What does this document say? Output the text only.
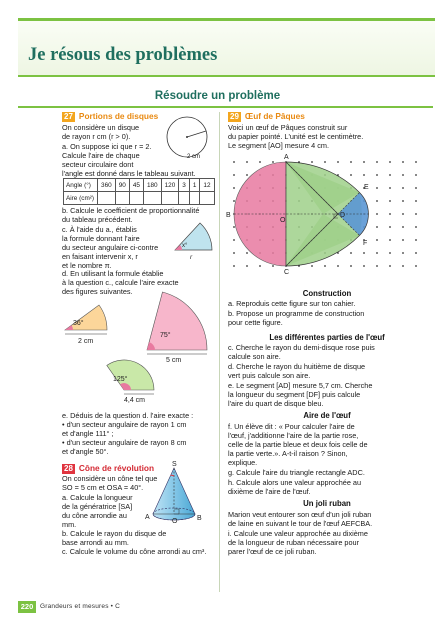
Je résous des problèmes
Résoudre un problème
27 Portions de disques
On considère un disque
de rayon r cm (r > 0).
a. On suppose ici que r = 2.
Calcule l'aire de chaque
secteur circulaire dont
l'angle est donné dans le tableau suivant.
2 cm
Angle (°)	360	90	45	180	120	3	1	12
Aire (cm²)								
b. Calcule le coefficient de proportionnalité
du tableau précédent.
c. À l'aide du a., établis
la formule donnant l'aire
du secteur angulaire ci-contre
en faisant intervenir x, r
et le nombre π.
x°
r
d. En utilisant la formule établie
à la question c., calcule l'aire exacte
des figures suivantes.
36°
2 cm
75°
5 cm
125°
4,4 cm
e. Déduis de la question d. l'aire exacte :
• d'un secteur angulaire de rayon 1 cm
et d'angle 111° ;
• d'un secteur angulaire de rayon 8 cm
et d'angle 50°.
28 Cône de révolution
On considère un cône tel que
SO = 5 cm et OSA = 40°.
a. Calcule la longueur
de la génératrice [SA]
du cône arrondie au
mm.
b. Calcule le rayon du disque de
base arrondi au mm.
c. Calcule le volume du cône arrondi au cm³.
S
A
O	B
29 Œuf de Pâques
Voici un œuf de Pâques construit sur
du papier pointé. L'unité est le centimètre.
Le segment [AO] mesure 4 cm.
A
B
C
O
D
E
F
Construction
a. Reproduis cette figure sur ton cahier.
b. Propose un programme de construction
pour cette figure.
Les différentes parties de l'œuf
c. Cherche le rayon du demi-disque rose puis
calcule son aire.
d. Cherche le rayon du huitième de disque
vert puis calcule son aire.
e. Le segment [AD] mesure 5,7 cm. Cherche
la longueur du segment [DF] puis calcule
l'aire du quart de disque bleu.
Aire de l'œuf
f. Un élève dit : « Pour calculer l'aire de
l'œuf, j'additionne l'aire de la partie rose,
celle de la partie bleue et deux fois celle de
la partie verte.». A-t-il raison ? Sinon,
explique.
g. Calcule l'aire du triangle rectangle ADC.
h. Calcule alors une valeur approchée au
dixième de l'aire de l'œuf.
Un joli ruban
Marion veut entourer son œuf d'un joli ruban
de laine en suivant le tour de l'œuf AEFCBA.
i. Calcule une valeur approchée au dixième
de la longueur de ruban nécessaire pour
parer l'œuf de ce joli ruban.
220	Grandeurs et mesures • C
